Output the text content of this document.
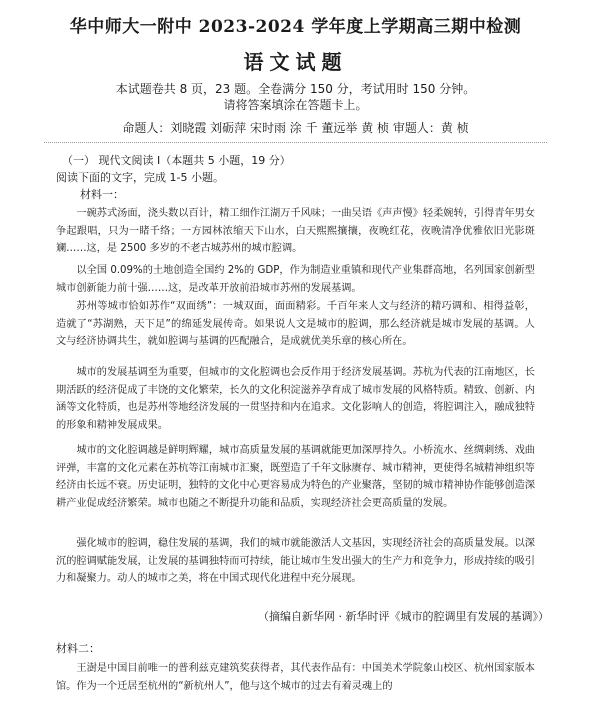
华中师大一附中 2023-2024 学年度上学期高三期中检测
语文试题
本试题卷共 8 页，23 题。全卷满分 150 分，考试用时 150 分钟。
请将答案填涂在答题卡上。
命题人：刘晓霞 刘砺萍 宋时雨 涂 千 董远举 黄 桢 审题人：黄 桢
（一） 现代文阅读 I（本题共 5 小题，19 分）
阅读下面的文字，完成 1-5 小题。
材料一：
一碗苏式汤面，浇头数以百计，精工细作江湖万千风味；一曲吴语《声声慢》轻柔婉转，引得青年男女争起跟唱，只为一睹千络；一方园林浓缩天下山水，白天熙熙攘攘，夜晚红花，夜晚清净优雅依旧光影斑斓……这，是 2500 多岁的不老古城苏州的城市腔调。
以全国 0.09%的土地创造全国约 2%的 GDP，作为制造业重镇和现代产业集群高地，名列国家创新型城市创新能力前十强……这，是改革开放前沿城市苏州的发展基调。
苏州等城市恰如苏作“双面绣”：一城双面，面面精彩。千百年来人文与经济的精巧调和、相得益彰，造就了“苏湖熟，天下足”的绵延发展传奇。如果说人文是城市的腔调，那么经济就是城市发展的基调。人文与经济协调共生，就如腔调与基调的匹配融合，是成就优美乐章的核心所在。
城市的发展基调至为重要，但城市的文化腔调也会反作用于经济发展基调。苏杭为代表的江南地区，长期活跃的经济促成了丰饶的文化繁荣，长久的文化积淀滋养孕育成了城市发展的风格特质。精致、创新、内涵等文化特质，也是苏州等地经济发展的一贯坚持和内在追求。文化影响人的创造，将腔调注入，融成独特的形象和精神发展成果。
城市的文化腔调越是鲜明辉耀，城市高质量发展的基调就能更加深厚持久。小桥流水、丝绸刺绣、戏曲评弹，丰富的文化元素在苏杭等江南城市汇聚，既塑造了千年文脉赓存、城市精神，更使得名城精神组织等经济由长远不衰。历史证明，独特的文化中心更容易成为特色的产业聚落，坚韧的城市精神协作能够创造深耕产业促成经济繁荣。城市也随之不断提升功能和品质，实现经济社会更高质量的发展。
强化城市的腔调，稳住发展的基调，我们的城市就能激活人文基因，实现经济社会的高质量发展。以深沉的腔调赋能发展，让发展的基调独特而可持续，能让城市生发出强大的生产力和竞争力，形成持续的吸引力和凝聚力。动人的城市之美，将在中国式现代化进程中充分展现。
（摘编自新华网 · 新华时评《城市的腔调里有发展的基调》）
材料二：
王澍是中国目前唯一的普利兹克建筑奖获得者，其代表作品有：中国美术学院象山校区、杭州国家版本馆。作为一个迁居至杭州的“新杭州人”，他与这个城市的过去有着灵魂上的
